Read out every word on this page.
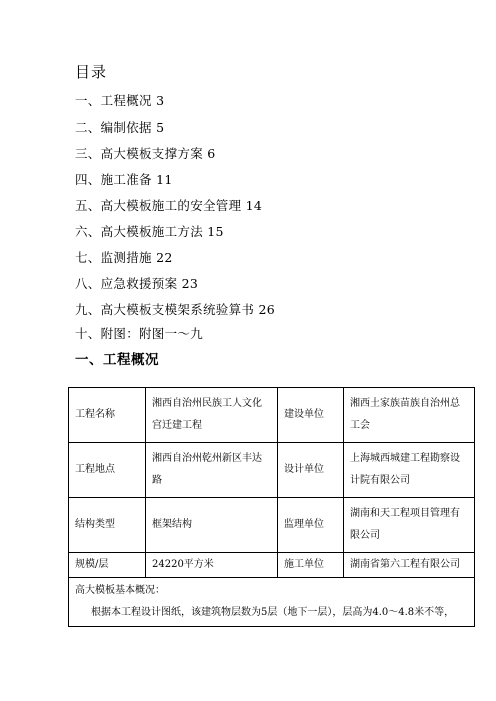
目录
一、工程概况 3
二、编制依据 5
三、高大模板支撑方案 6
四、施工准备 11
五、高大模板施工的安全管理 14
六、高大模板施工方法 15
七、监测措施 22
八、应急救援预案 23
九、高大模板支模架系统验算书 26
十、附图：附图一～九
一、工程概况
工程名称	湘西自治州民族工人文化宫迁建工程	建设单位	湘西土家族苗族自治州总工会
工程地点	湘西自治州乾州新区丰达路	设计单位	上海城西城建工程勘察设计院有限公司
结构类型	框架结构	监理单位	湖南和天工程项目管理有限公司
规模/层	24220平方米	施工单位	湖南省第六工程有限公司

高大模板基本概况：
根据本工程设计图纸，该建筑物层数为5层（地下一层），层高为4.0～4.8米不等，			
